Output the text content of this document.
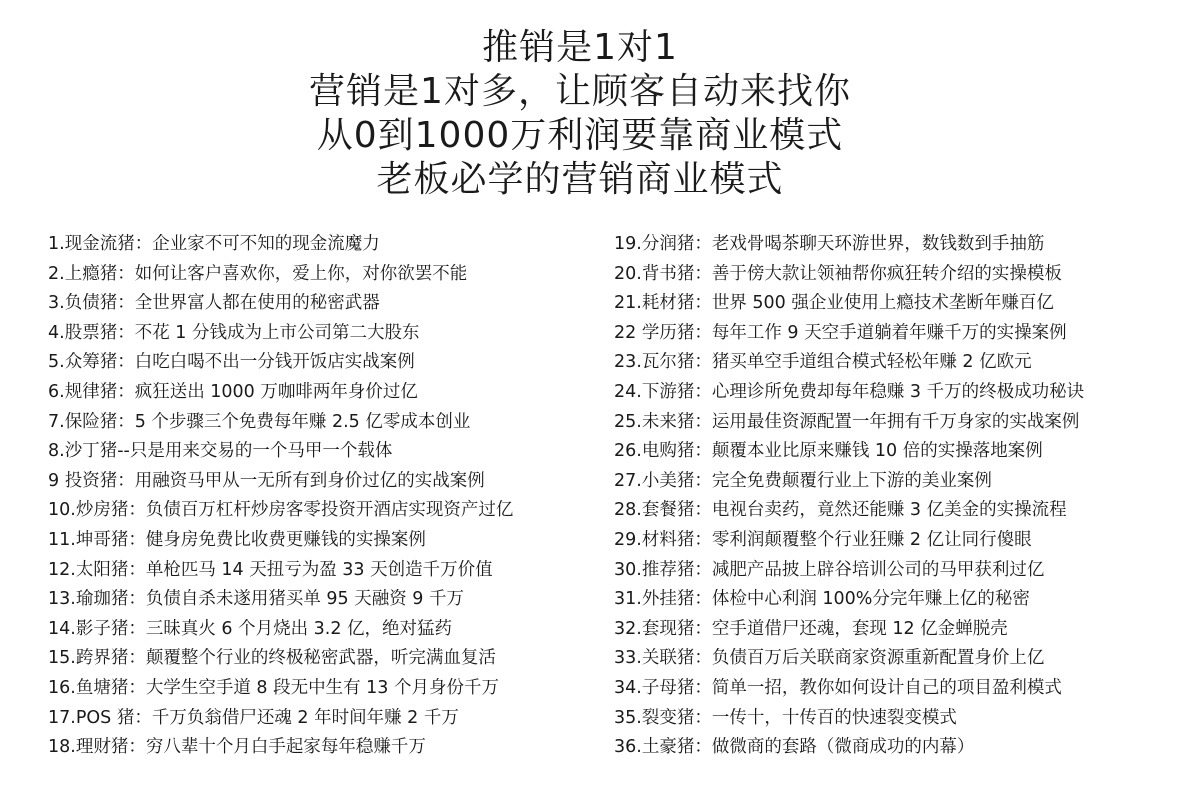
推销是1对1
营销是1对多，让顾客自动来找你
从0到1000万利润要靠商业模式
老板必学的营销商业模式
1.现金流猪：企业家不可不知的现金流魔力
2.上瘾猪：如何让客户喜欢你，爱上你，对你欲罢不能
3.负债猪：全世界富人都在使用的秘密武器
4.股票猪：不花 1 分钱成为上市公司第二大股东
5.众筹猪：白吃白喝不出一分钱开饭店实战案例
6.规律猪：疯狂送出 1000 万咖啡两年身价过亿
7.保险猪：5 个步骤三个免费每年赚 2.5 亿零成本创业
8.沙丁猪--只是用来交易的一个马甲一个载体
9 投资猪：用融资马甲从一无所有到身价过亿的实战案例
10.炒房猪：负债百万杠杆炒房客零投资开酒店实现资产过亿
11.坤哥猪：健身房免费比收费更赚钱的实操案例
12.太阳猪：单枪匹马 14 天扭亏为盈 33 天创造千万价值
13.瑜珈猪：负债自杀未遂用猪买单 95 天融资 9 千万
14.影子猪：三昧真火 6 个月烧出 3.2 亿，绝对猛药
15.跨界猪：颠覆整个行业的终极秘密武器，听完满血复活
16.鱼塘猪：大学生空手道 8 段无中生有 13 个月身份千万
17.POS 猪：千万负翁借尸还魂 2 年时间年赚 2 千万
18.理财猪：穷八辈十个月白手起家每年稳赚千万
19.分润猪：老戏骨喝茶聊天环游世界，数钱数到手抽筋
20.背书猪：善于傍大款让领袖帮你疯狂转介绍的实操模板
21.耗材猪：世界 500 强企业使用上瘾技术垄断年赚百亿
22 学历猪：每年工作 9 天空手道躺着年赚千万的实操案例
23.瓦尔猪：猪买单空手道组合模式轻松年赚 2 亿欧元
24.下游猪：心理诊所免费却每年稳赚 3 千万的终极成功秘诀
25.未来猪：运用最佳资源配置一年拥有千万身家的实战案例
26.电购猪：颠覆本业比原来赚钱 10 倍的实操落地案例
27.小美猪：完全免费颠覆行业上下游的美业案例
28.套餐猪：电视台卖药，竟然还能赚 3 亿美金的实操流程
29.材料猪：零利润颠覆整个行业狂赚 2 亿让同行傻眼
30.推荐猪：减肥产品披上辟谷培训公司的马甲获利过亿
31.外挂猪：体检中心利润 100%分完年赚上亿的秘密
32.套现猪：空手道借尸还魂，套现 12 亿金蝉脱壳
33.关联猪：负债百万后关联商家资源重新配置身价上亿
34.子母猪：简单一招，教你如何设计自己的项目盈利模式
35.裂变猪：一传十，十传百的快速裂变模式
36.土豪猪：做微商的套路（微商成功的内幕）
